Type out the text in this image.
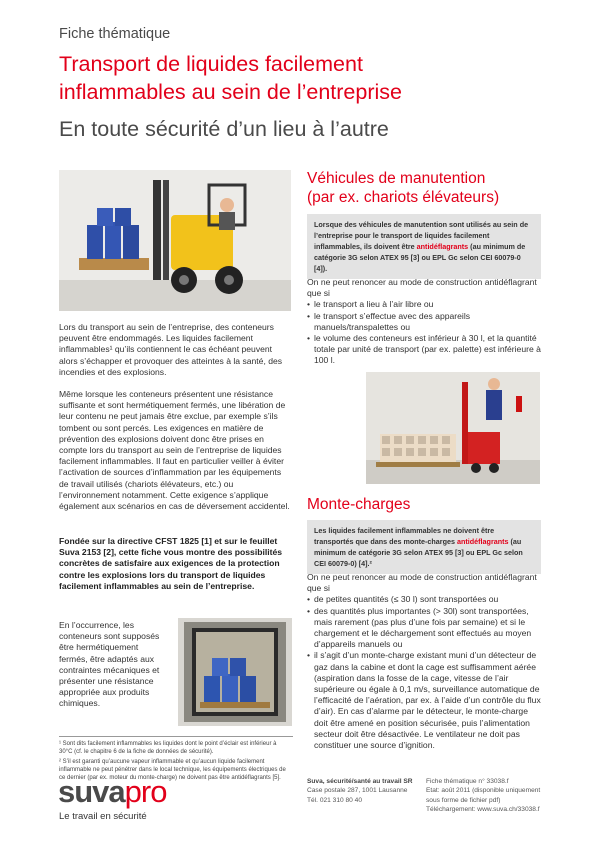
Fiche thématique
Transport de liquides facilement
inflammables au sein de l’entreprise
En toute sécurité d’un lieu à l’autre

Lors du transport au sein de l’entreprise, des conteneurs peuvent être endommagés. Les liquides facilement inflammables¹ qu’ils contiennent le cas échéant peuvent alors s’échapper et provoquer des atteintes à la santé, des incendies et des explosions.

Même lorsque les conteneurs présentent une résistance suffisante et sont hermétiquement fermés, une libération de leur contenu ne peut jamais être exclue, par exemple s’ils tombent ou sont percés. Les exigences en matière de prévention des explosions doivent donc être prises en compte lors du transport au sein de l’entreprise de liquides facilement inflammables. Il faut en particulier veiller à éviter l’activation de sources d’inflammation par les équipements de travail utilisés (chariots élévateurs, etc.) ou l’environnement notamment. Cette exigence s’applique également aux scénarios en cas de déversement accidentel.

Fondée sur la directive CFST 1825 [1] et sur le feuillet Suva 2153 [2], cette fiche vous montre des possibilités concrètes de satisfaire aux exigences de la protection contre les explosions lors du transport de liquides facilement inflammables au sein de l’entreprise.
En l’occurrence, les conteneurs sont supposés être hermétiquement fermés, être adaptés aux contraintes mécaniques et présenter une résistance appropriée aux produits chimiques.
¹ Sont dits facilement inflammables les liquides dont le point d’éclair est inférieur à 30°C (cf. le chapitre 6 de la fiche de données de sécurité).
² S’il est garanti qu’aucune vapeur inflammable et qu’aucun liquide facilement inflammable ne peut pénétrer dans le local technique, les équipements électriques de ce dernier (par ex. moteur du monte-charge) ne doivent pas être antidéflagrants [5].
Véhicules de manutention
(par ex. chariots élévateurs)
Lorsque des véhicules de manutention sont utilisés au sein de l’entreprise pour le transport de liquides facilement inflammables, ils doivent être antidéflagrants (au minimum de catégorie 3G selon ATEX 95 [3] ou EPL Gc selon CEI 60079-0 [4]).
On ne peut renoncer au mode de construction antidéflagrant que si
• le transport a lieu à l’air libre ou
• le transport s’effectue avec des appareils manuels/transpalettes ou
• le volume des conteneurs est inférieur à 30 l, et la quantité totale par unité de transport (par ex. palette) est inférieure à 100 l.
Monte-charges
Les liquides facilement inflammables ne doivent être transportés que dans des monte-charges antidéflagrants (au minimum de catégorie 3G selon ATEX 95 [3] ou EPL Gc selon CEI 60079-0) [4].²
On ne peut renoncer au mode de construction antidéflagrant que si
• de petites quantités (≤ 30 l) sont transportées ou
• des quantités plus importantes (> 30l) sont transportées, mais rarement (pas plus d’une fois par semaine) et si le chargement et le déchargement sont effectués au moyen d’appareils manuels ou
• il s’agit d’un monte-charge existant muni d’un détecteur de gaz dans la cabine et dont la cage est suffisamment aérée (aspiration dans la fosse de la cage, vitesse de l’air supérieure ou égale à 0,1 m/s, surveillance automatique de l’efficacité de l’aération, par ex. à l’aide d’un contrôle du flux d’air). En cas d’alarme par le détecteur, le monte-charge doit être amené en position sécurisée, puis l’alimentation secteur doit être désactivée. Le ventilateur ne doit pas constituer une source d’ignition.
suvapro
Le travail en sécurité
Suva, sécurité/santé au travail SR
Case postale 287, 1001 Lausanne
Tél. 021 310 80 40
Fiche thématique n° 33038.f
Etat: août 2011 (disponible uniquement sous forme de fichier pdf)
Téléchargement: www.suva.ch/33038.f
